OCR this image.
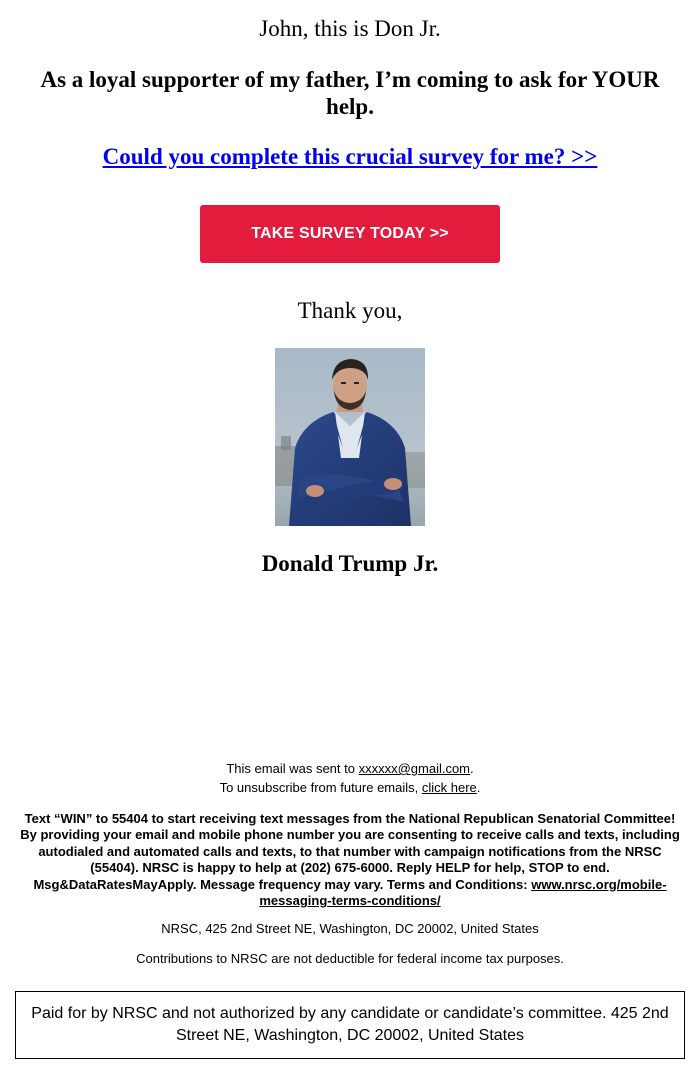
John, this is Don Jr.
As a loyal supporter of my father, I’m coming to ask for YOUR help.
Could you complete this crucial survey for me? >>
TAKE SURVEY TODAY >>
Thank you,
Donald Trump Jr.
This email was sent to xxxxxx@gmail.com.
To unsubscribe from future emails, click here.
Text “WIN” to 55404 to start receiving text messages from the National Republican Senatorial Committee! By providing your email and mobile phone number you are consenting to receive calls and texts, including autodialed and automated calls and texts, to that number with campaign notifications from the NRSC (55404). NRSC is happy to help at (202) 675-6000. Reply HELP for help, STOP to end. Msg&DataRatesMayApply. Message frequency may vary. Terms and Conditions: www.nrsc.org/mobile-messaging-terms-conditions/
NRSC, 425 2nd Street NE, Washington, DC 20002, United States
Contributions to NRSC are not deductible for federal income tax purposes.
Paid for by NRSC and not authorized by any candidate or candidate’s committee. 425 2nd Street NE, Washington, DC 20002, United States
